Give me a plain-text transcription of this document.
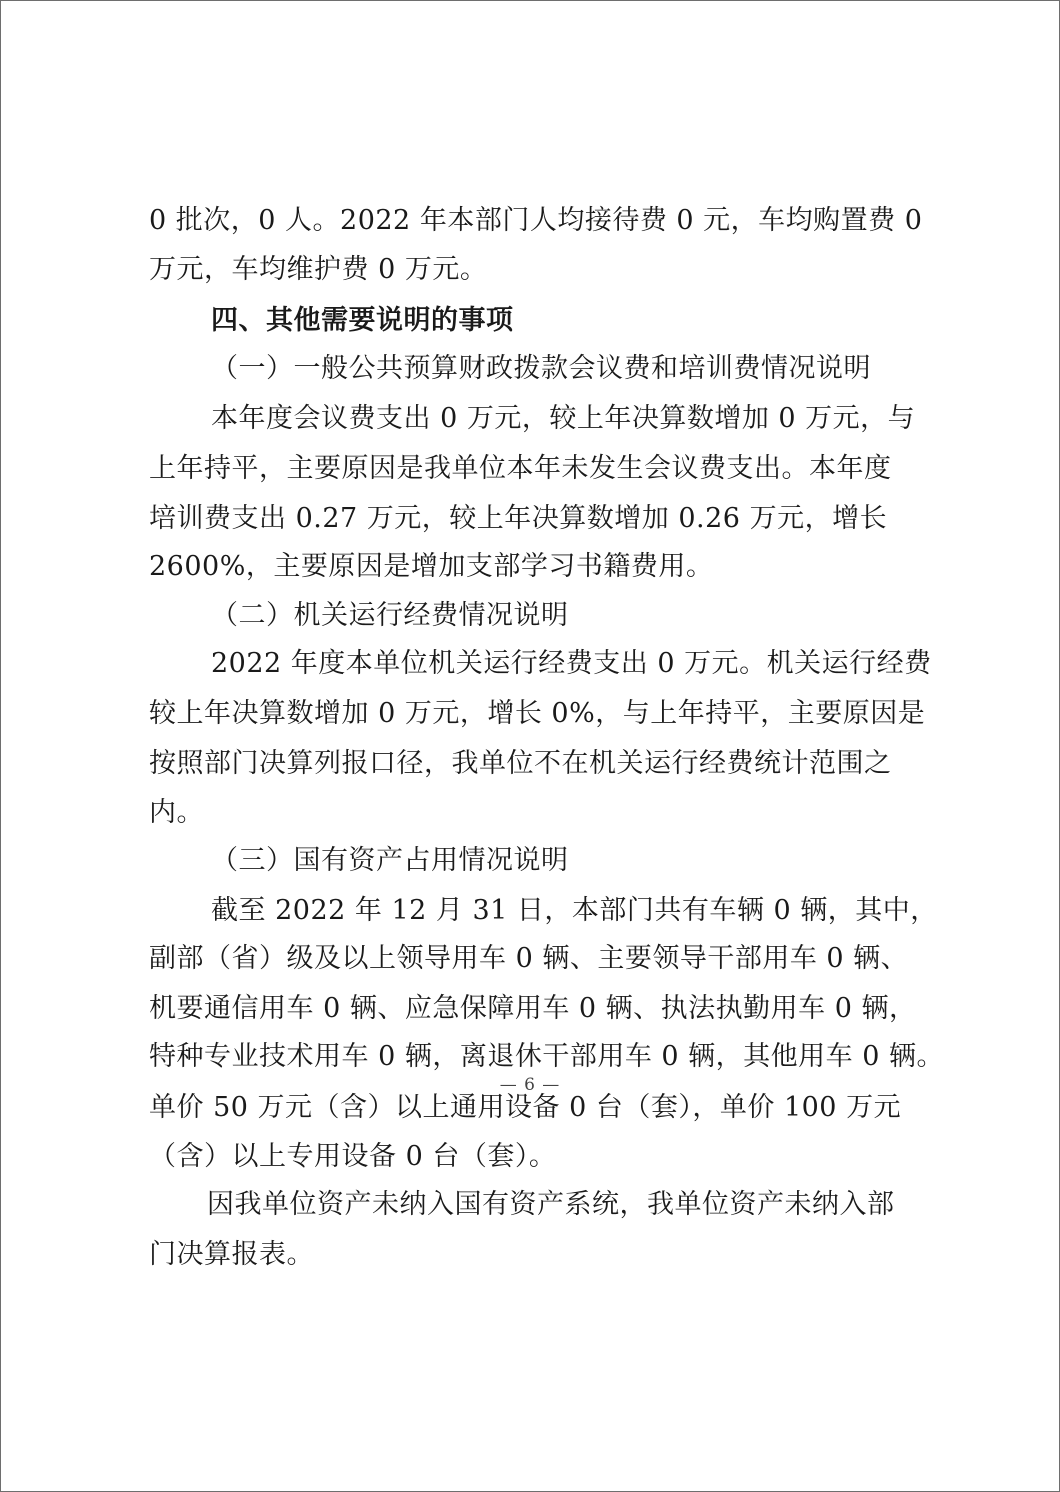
0 批次，0 人。2022 年本部门人均接待费 0 元，车均购置费 0
万元，车均维护费 0 万元。
四、其他需要说明的事项
（一）一般公共预算财政拨款会议费和培训费情况说明
本年度会议费支出 0 万元，较上年决算数增加 0 万元，与
上年持平，主要原因是我单位本年未发生会议费支出。本年度
培训费支出 0.27 万元，较上年决算数增加 0.26 万元，增长
2600%，主要原因是增加支部学习书籍费用。
（二）机关运行经费情况说明
2022 年度本单位机关运行经费支出 0 万元。机关运行经费
较上年决算数增加 0 万元，增长 0%，与上年持平，主要原因是
按照部门决算列报口径，我单位不在机关运行经费统计范围之
内。
（三）国有资产占用情况说明
截至 2022 年 12 月 31 日，本部门共有车辆 0 辆，其中，
副部（省）级及以上领导用车 0 辆、主要领导干部用车 0 辆、
机要通信用车 0 辆、应急保障用车 0 辆、执法执勤用车 0 辆，
特种专业技术用车 0 辆，离退休干部用车 0 辆，其他用车 0 辆。
单价 50 万元（含）以上通用设备 0 台（套），单价 100 万元
（含）以上专用设备 0 台（套）。
因我单位资产未纳入国有资产系统，我单位资产未纳入部
门决算报表。
— 6 —
